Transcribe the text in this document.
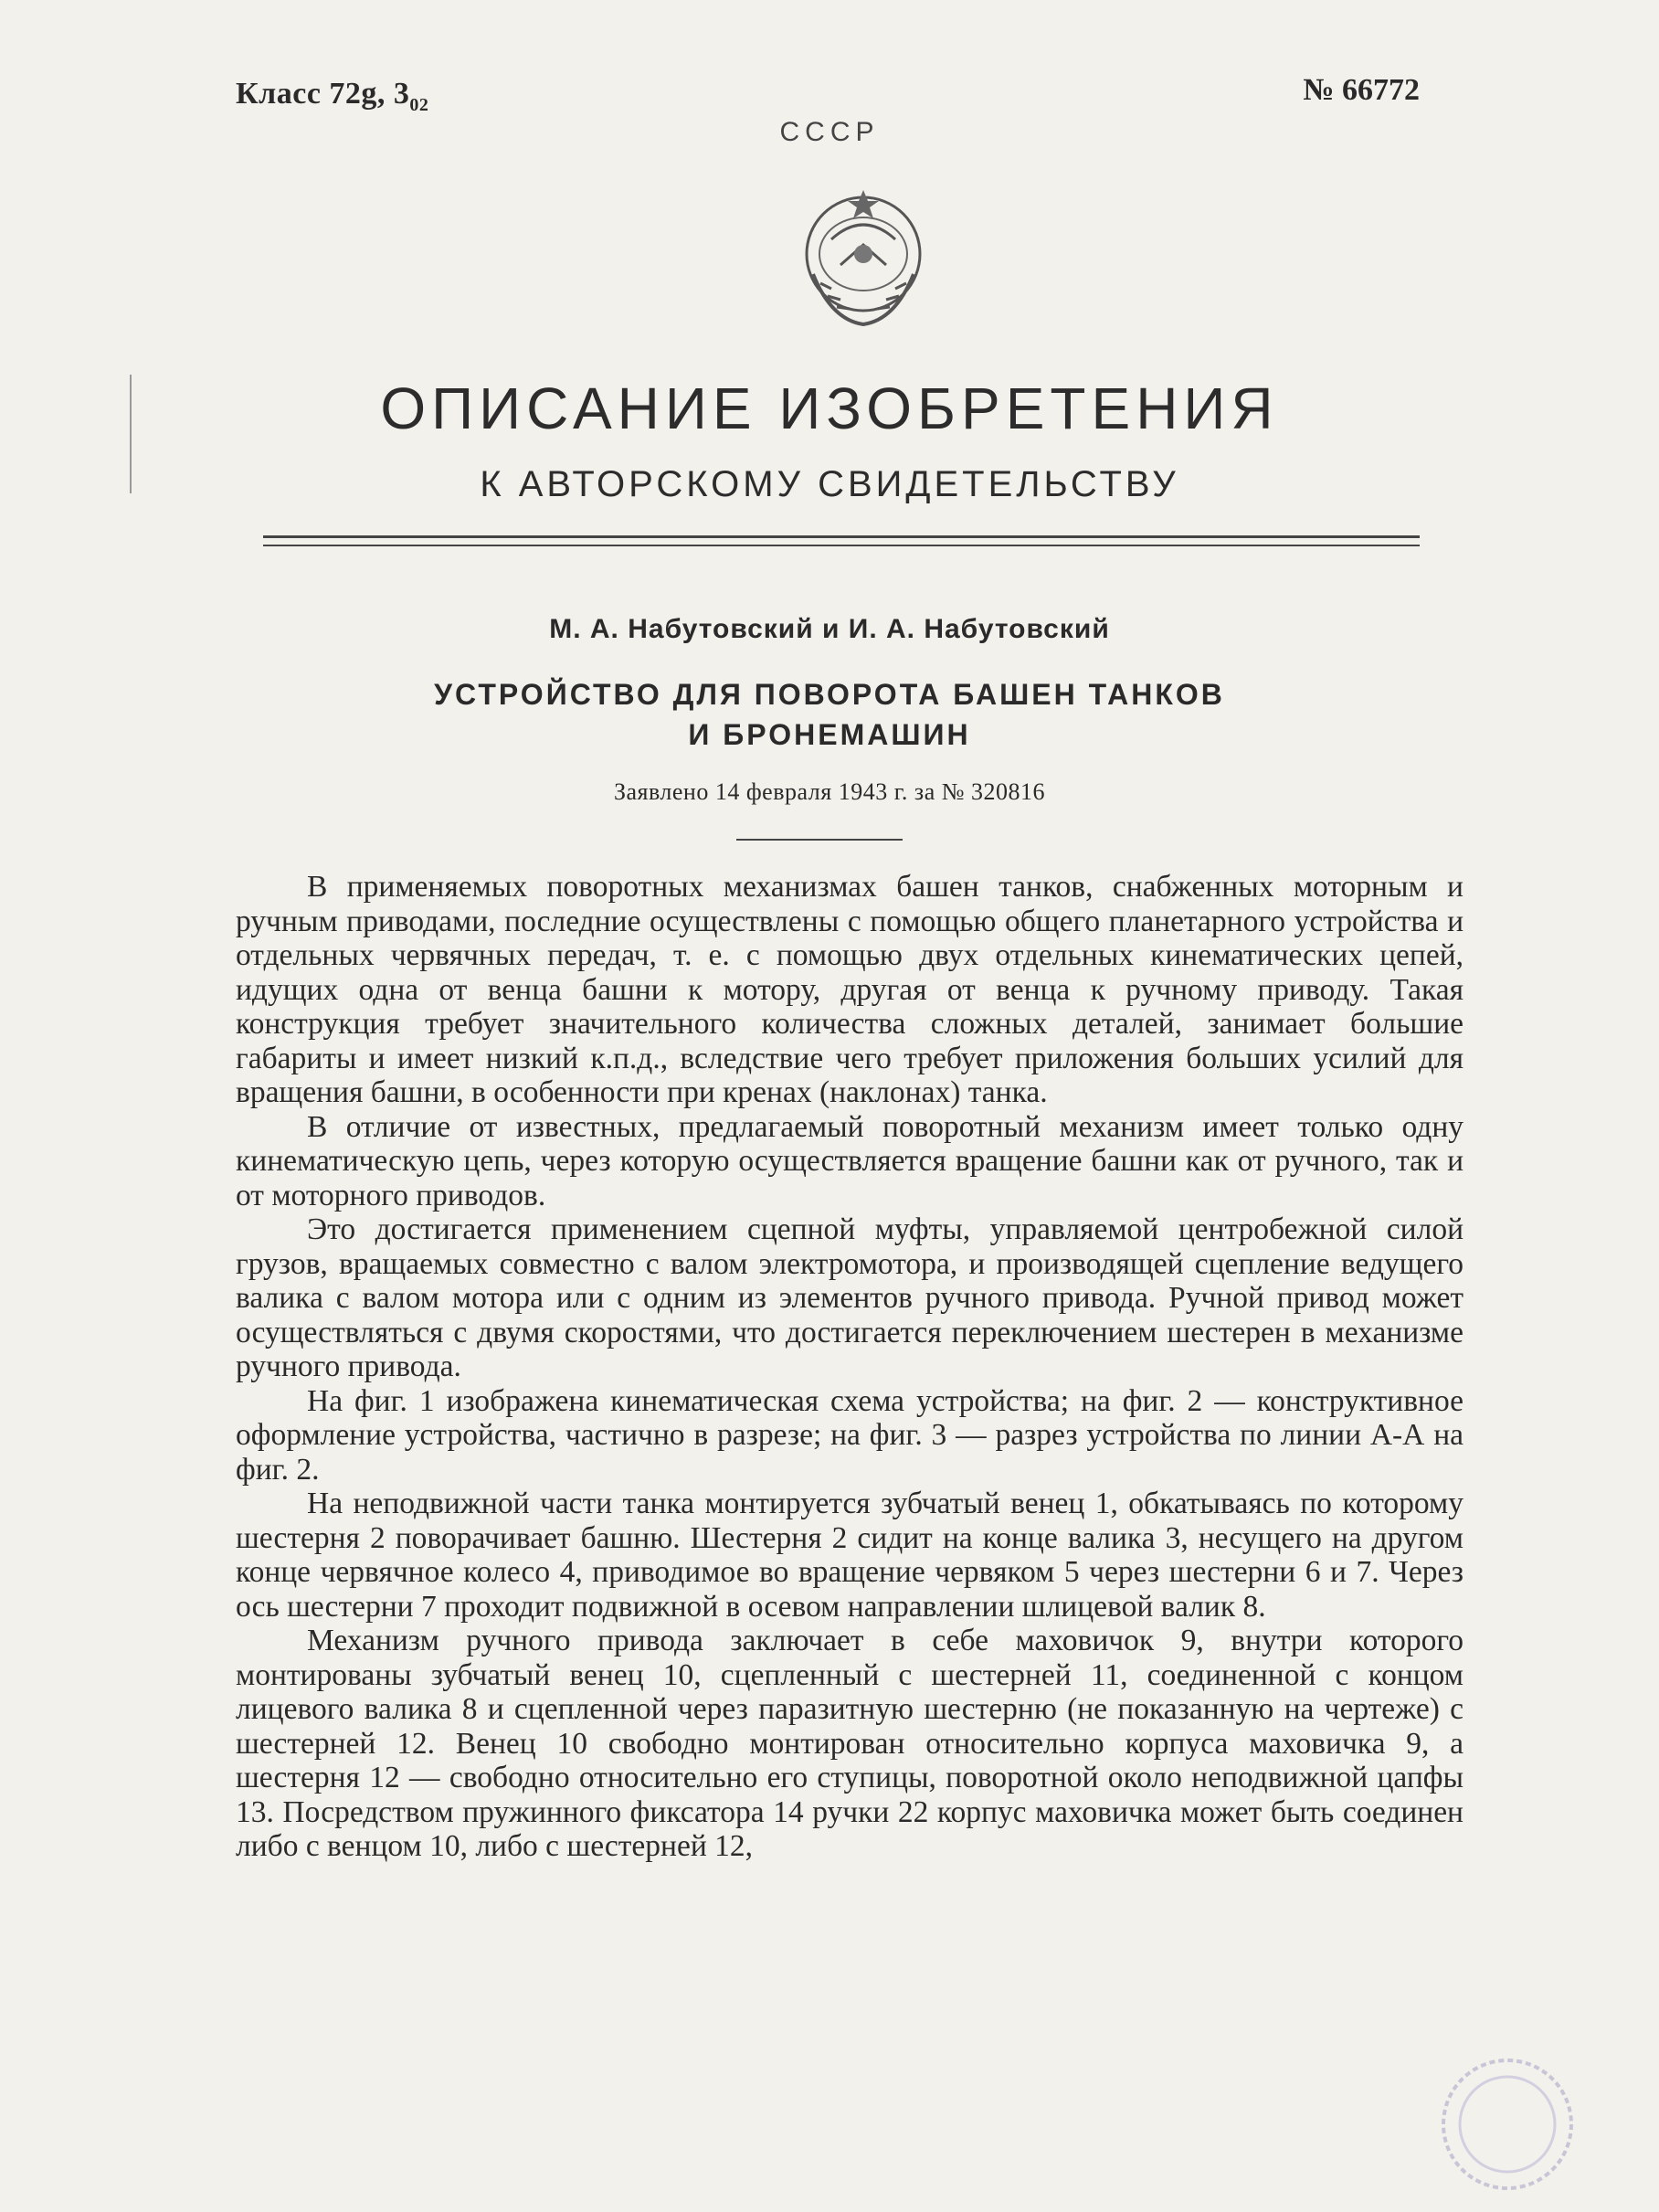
Класс 72g, $3_{02}$	№ 66772
СССР
ОПИСАНИЕ ИЗОБРЕТЕНИЯ
К АВТОРСКОМУ СВИДЕТЕЛЬСТВУ
М. А. Набутовский и И. А. Набутовский
УСТРОЙСТВО ДЛЯ ПОВОРОТА БАШЕН ТАНКОВ
И БРОНЕМАШИН
Заявлено 14 февраля 1943 г. за № 320816

В применяемых поворотных механизмах башен танков, снабженных моторным и ручным приводами, последние осуществлены с помощью общего планетарного устройства и отдельных червячных передач, т. е. с помощью двух отдельных кинематических цепей, идущих одна от венца башни к мотору, другая от венца к ручному приводу. Такая конструкция требует значительного количества сложных деталей, занимает большие габариты и имеет низкий к.п.д., вследствие чего требует приложения больших усилий для вращения башни, в особенности при кренах (наклонах) танка.

В отличие от известных, предлагаемый поворотный механизм имеет только одну кинематическую цепь, через которую осуществляется вращение башни как от ручного, так и от моторного приводов.

Это достигается применением сцепной муфты, управляемой центробежной силой грузов, вращаемых совместно с валом электромотора, и производящей сцепление ведущего валика с валом мотора или с одним из элементов ручного привода. Ручной привод может осуществляться с двумя скоростями, что достигается переключением шестерен в механизме ручного привода.

На фиг. 1 изображена кинематическая схема устройства; на фиг. 2 — конструктивное оформление устройства, частично в разрезе; на фиг. 3 — разрез устройства по линии А-А на фиг. 2.

На неподвижной части танка монтируется зубчатый венец 1, обкатываясь по которому шестерня 2 поворачивает башню. Шестерня 2 сидит на конце валика 3, несущего на другом конце червячное колесо 4, приводимое во вращение червяком 5 через шестерни 6 и 7. Через ось шестерни 7 проходит подвижной в осевом направлении шлицевой валик 8.

Механизм ручного привода заключает в себе маховичок 9, внутри которого монтированы зубчатый венец 10, сцепленный с шестерней 11, соединенной с концом лицевого валика 8 и сцепленной через паразитную шестерню (не показанную на чертеже) с шестерней 12. Венец 10 свободно монтирован относительно корпуса маховичка 9, а шестерня 12 — свободно относительно его ступицы, поворотной около неподвижной цапфы 13. Посредством пружинного фиксатора 14 ручки 22 корпус маховичка может быть соединен либо с венцом 10, либо с шестерней 12,
